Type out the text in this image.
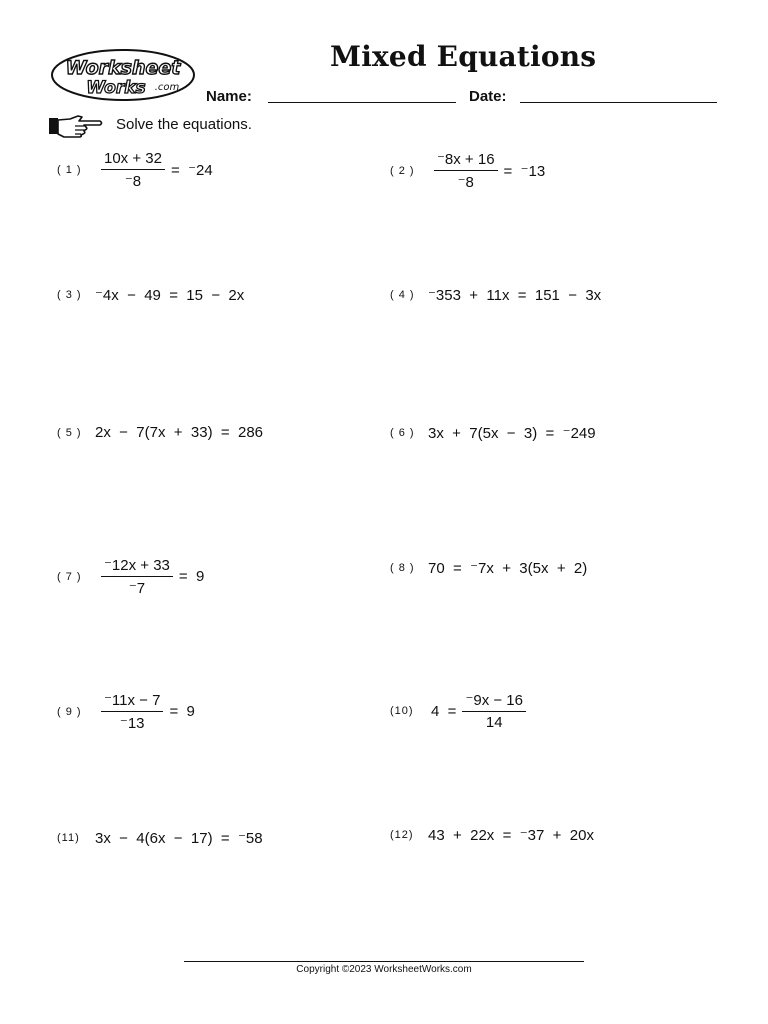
Worksheet
Works .com
Mixed Equations
Name:	Date:
Solve the equations.
( 1 )	$\frac{10x + 32}{^-8} = ^-24$	( 2 )	$\frac{^-8x + 16}{^-8} = ^-13$
( 3 ) ⁻4x  −  49  =  15  −  2x	( 4 ) ⁻353  +  11x  =  151  −  3x
( 5 ) 2x  −  7(7x  +  33)  =  286	( 6 ) 3x  +  7(5x  −  3)  =  ⁻249
( 7 )	$\frac{^-12x + 33}{^-7} = 9$	( 8 ) 70  =  ⁻7x  +  3(5x  +  2)
( 9 )	$\frac{^-11x - 7}{^-13} = 9$	(10)	$4 = \frac{^-9x - 16}{14}$
(11)	3x  −  4(6x  −  17)  =  ⁻58	(12) 43  +  22x  =  ⁻37  +  20x
Copyright ©2023 WorksheetWorks.com
